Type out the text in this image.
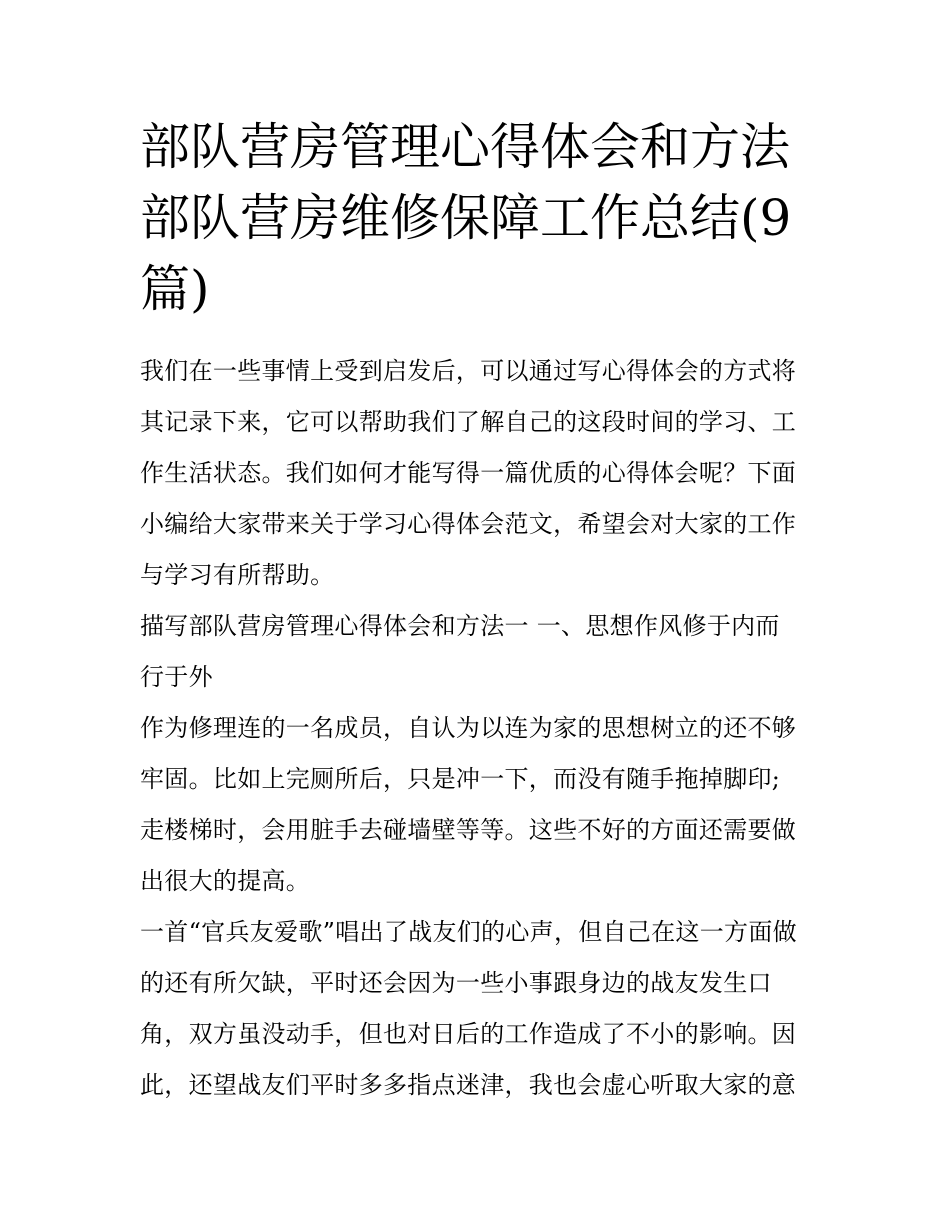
部队营房管理心得体会和方法
部队营房维修保障工作总结(9
篇)

我们在一些事情上受到启发后，可以通过写心得体会的方式将
其记录下来，它可以帮助我们了解自己的这段时间的学习、工
作生活状态。我们如何才能写得一篇优质的心得体会呢？下面
小编给大家带来关于学习心得体会范文，希望会对大家的工作
与学习有所帮助。

描写部队营房管理心得体会和方法一 一、思想作风修于内而
行于外

作为修理连的一名成员，自认为以连为家的思想树立的还不够
牢固。比如上完厕所后，只是冲一下，而没有随手拖掉脚印;
走楼梯时，会用脏手去碰墙壁等等。这些不好的方面还需要做
出很大的提高。

一首“官兵友爱歌”唱出了战友们的心声，但自己在这一方面做
的还有所欠缺，平时还会因为一些小事跟身边的战友发生口
角，双方虽没动手，但也对日后的工作造成了不小的影响。因
此，还望战友们平时多多指点迷津，我也会虚心听取大家的意
